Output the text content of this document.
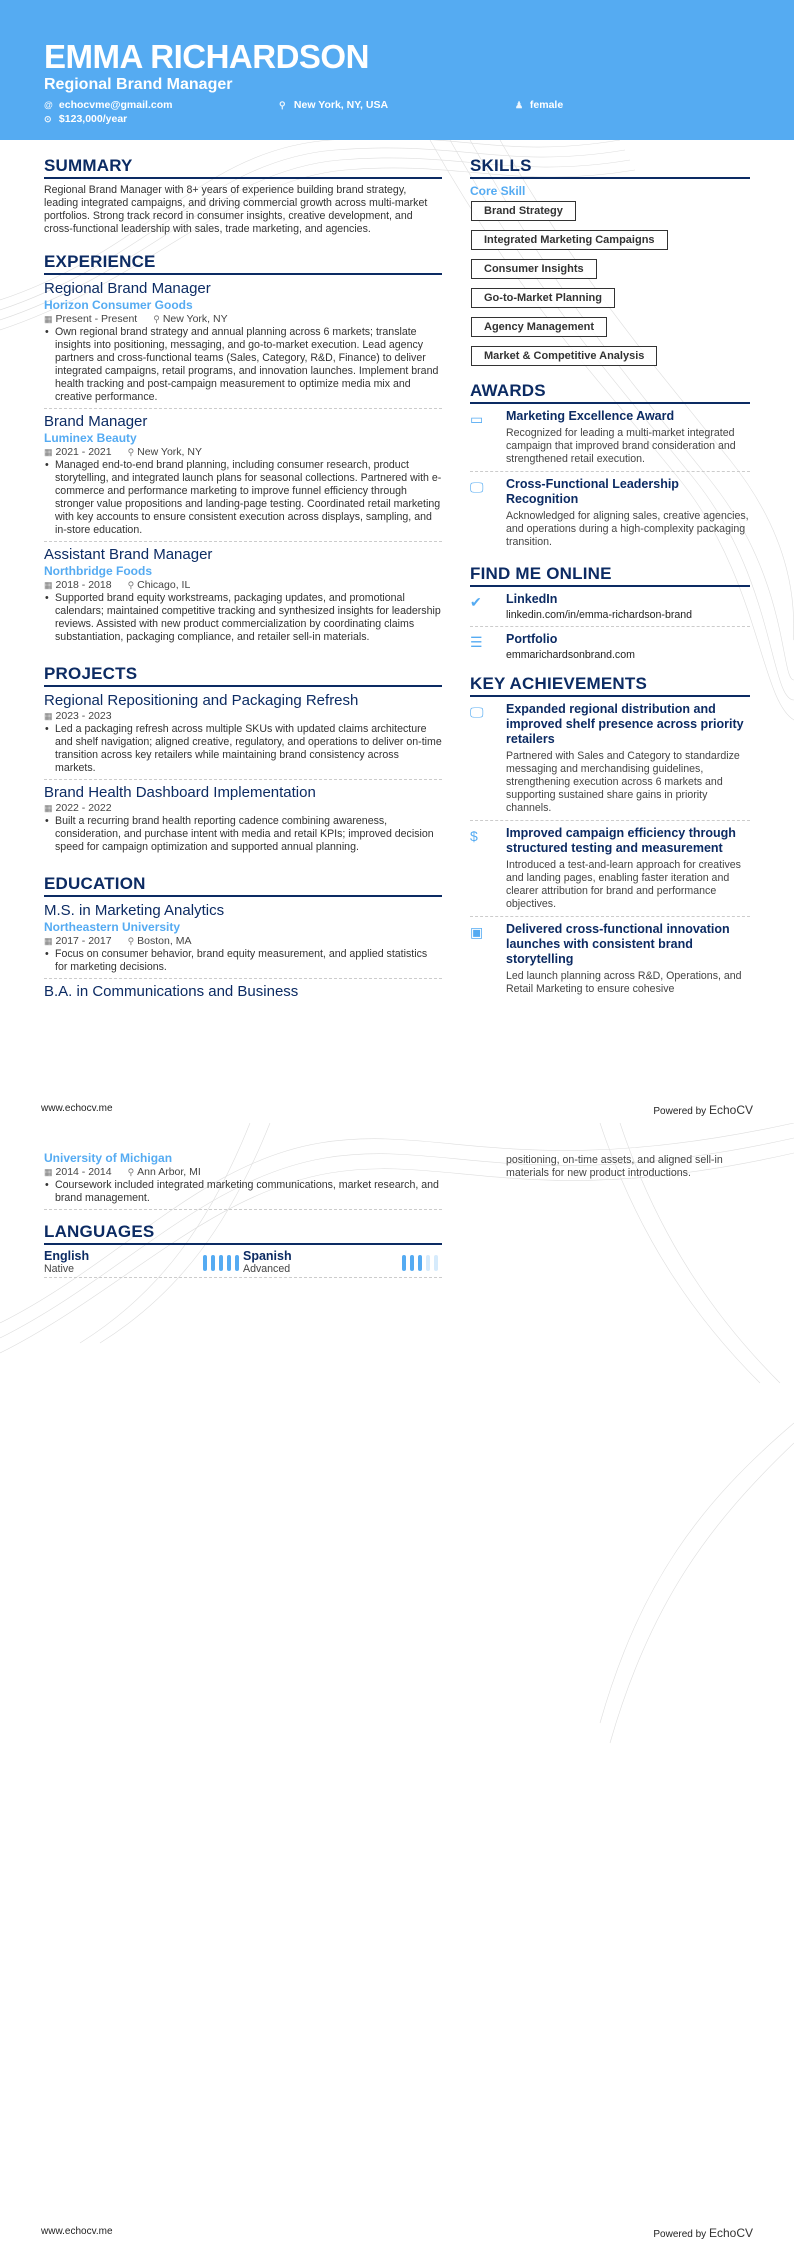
EMMA RICHARDSON
Regional Brand Manager
@ echocvme@gmail.com	⚲ New York, NY, USA	♟ female
⊙ $123,000/year
SUMMARY

Regional Brand Manager with 8+ years of experience building brand strategy, leading integrated campaigns, and driving commercial growth across multi-market portfolios. Strong track record in consumer insights, creative development, and cross-functional leadership with sales, trade marketing, and agencies.

EXPERIENCE
Regional Brand Manager
Horizon Consumer Goods
▦ Present - Present ⚲ New York, NY
• Own regional brand strategy and annual planning across 6 markets; translate insights into positioning, messaging, and go-to-market execution. Lead agency partners and cross-functional teams (Sales, Category, R&D, Finance) to deliver integrated campaigns, retail programs, and innovation launches. Implement brand health tracking and post-campaign measurement to optimize media mix and creative performance.
Brand Manager
Luminex Beauty
▦ 2021 - 2021 ⚲ New York, NY
• Managed end-to-end brand planning, including consumer research, product storytelling, and integrated launch plans for seasonal collections. Partnered with e-commerce and performance marketing to improve funnel efficiency through stronger value propositions and landing-page testing. Coordinated retail marketing with key accounts to ensure consistent execution across displays, sampling, and in-store education.
Assistant Brand Manager
Northbridge Foods
▦ 2018 - 2018 ⚲ Chicago, IL
• Supported brand equity workstreams, packaging updates, and promotional calendars; maintained competitive tracking and synthesized insights for leadership reviews. Assisted with new product commercialization by coordinating claims substantiation, packaging compliance, and retailer sell-in materials.
PROJECTS
Regional Repositioning and Packaging Refresh
▦ 2023 - 2023
• Led a packaging refresh across multiple SKUs with updated claims architecture and shelf navigation; aligned creative, regulatory, and operations to deliver on-time transition across key retailers while maintaining brand consistency across markets.
Brand Health Dashboard Implementation
▦ 2022 - 2022
• Built a recurring brand health reporting cadence combining awareness, consideration, and purchase intent with media and retail KPIs; improved decision speed for campaign optimization and supported annual planning.
EDUCATION
M.S. in Marketing Analytics
Northeastern University
▦ 2017 - 2017 ⚲ Boston, MA
• Focus on consumer behavior, brand equity measurement, and applied statistics for marketing decisions.
B.A. in Communications and Business
SKILLS
Core Skill
Brand Strategy
Integrated Marketing Campaigns
Consumer Insights
Go-to-Market Planning
Agency Management
Market & Competitive Analysis
AWARDS
▭	Marketing Excellence Award
Recognized for leading a multi-market integrated campaign that improved brand consideration and strengthened retail execution.
🖵	Cross-Functional Leadership Recognition
Acknowledged for aligning sales, creative agencies, and operations during a high-complexity packaging transition.
FIND ME ONLINE
✔	LinkedIn
linkedin.com/in/emma-richardson-brand
☰	Portfolio
emmarichardsonbrand.com
KEY ACHIEVEMENTS
🖵	Expanded regional distribution and improved shelf presence across priority retailers
Partnered with Sales and Category to standardize messaging and merchandising guidelines, strengthening execution across 6 markets and supporting sustained share gains in priority channels.
$	Improved campaign efficiency through structured testing and measurement
Introduced a test-and-learn approach for creatives and landing pages, enabling faster iteration and clearer attribution for brand and performance objectives.
▣	Delivered cross-functional innovation launches with consistent brand storytelling
Led launch planning across R&D, Operations, and Retail Marketing to ensure cohesive
www.echocv.me	Powered by EchoCV
University of Michigan
▦ 2014 - 2014 ⚲ Ann Arbor, MI
• Coursework included integrated marketing communications, market research, and brand management.
LANGUAGES
English
Native
Spanish
Advanced
positioning, on-time assets, and aligned sell-in materials for new product introductions.
www.echocv.me	Powered by EchoCV
